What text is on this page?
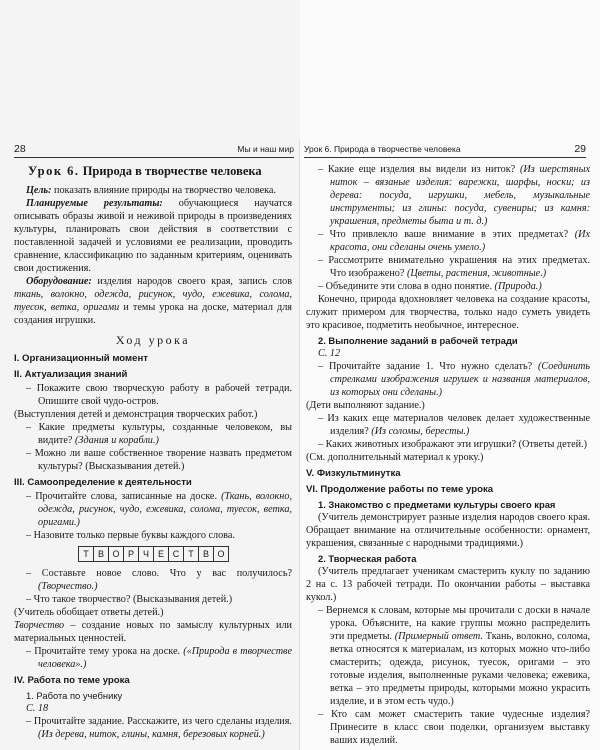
28	Мы и наш мир

Урок 6. Природа в творчестве человека

Цель: показать влияние природы на творчество человека.

Планируемые результаты: обучающиеся научатся описывать образы живой и неживой природы в произведениях культуры, планировать свои действия в соответствии с поставленной задачей и условиями ее реализации, проводить сравнение, классификацию по заданным критериям, оценивать свои достижения.

Оборудование: изделия народов своего края, запись слов ткань, волокно, одежда, рисунок, чудо, ежевика, солома, туесок, ветка, оригами и темы урока на доске, материал для создания игрушки.

Ход урока

I. Организационный момент

II. Актуализация знаний

– Покажите свою творческую работу в рабочей тетради. Опишите свой чудо-остров.

(Выступления детей и демонстрация творческих работ.)

– Какие предметы культуры, созданные человеком, вы видите? (Здания и корабли.)

– Можно ли ваше собственное творение назвать предметом культуры? (Высказывания детей.)

III. Самоопределение к деятельности

– Прочитайте слова, записанные на доске. (Ткань, волокно, одежда, рисунок, чудо, ежевика, солома, туесок, ветка, оригами.)

– Назовите только первые буквы каждого слова.

Т В О Р Ч Е С Т В О

– Составьте новое слово. Что у вас получилось? (Творчество.)

– Что такое творчество? (Высказывания детей.)

(Учитель обобщает ответы детей.)

Творчество – создание новых по замыслу культурных или материальных ценностей.

– Прочитайте тему урока на доске. («Природа в творчестве человека».)

IV. Работа по теме урока

1. Работа по учебнику

С. 18

– Прочитайте задание. Расскажите, из чего сделаны изделия. (Из дерева, ниток, глины, камня, березовых корней.)

Урок 6. Природа в творчестве человека	29

– Какие еще изделия вы видели из ниток? (Из шерстяных ниток – вязаные изделия: варежки, шарфы, носки; из дерева: посуда, игрушки, мебель, музыкальные инструменты; из глины: посуда, сувениры; из камня: украшения, предметы быта и т. д.)

– Что привлекло ваше внимание в этих предметах? (Их красота, они сделаны очень умело.)

– Рассмотрите внимательно украшения на этих предметах. Что изображено? (Цветы, растения, животные.)

– Объедините эти слова в одно понятие. (Природа.)

Конечно, природа вдохновляет человека на создание красоты, служит примером для творчества, только надо суметь увидеть это красивое, подметить необычное, интересное.

2. Выполнение заданий в рабочей тетради

С. 12

– Прочитайте задание 1. Что нужно сделать? (Соединить стрелками изображения игрушек и названия материалов, из которых они сделаны.)

(Дети выполняют задание.)

– Из каких еще материалов человек делает художественные изделия? (Из соломы, бересты.)

– Каких животных изображают эти игрушки? (Ответы детей.)

(См. дополнительный материал к уроку.)

V. Физкультминутка

VI. Продолжение работы по теме урока

1. Знакомство с предметами культуры своего края

(Учитель демонстрирует разные изделия народов своего края. Обращает внимание на отличительные особенности: орнамент, украшения, связанные с народными традициями.)

2. Творческая работа

(Учитель предлагает ученикам смастерить куклу по заданию 2 на с. 13 рабочей тетради. По окончании работы – выставка кукол.)

– Вернемся к словам, которые мы прочитали с доски в начале урока. Объясните, на какие группы можно распределить эти предметы. (Примерный ответ. Ткань, волокно, солома, ветка относятся к материалам, из которых можно что-либо смастерить; одежда, рисунок, туесок, оригами – это готовые изделия, выполненные руками человека; ежевика, ветка – это предметы природы, которыми можно украсить изделие, и в этом есть чудо.)

– Кто сам может смастерить такие чудесные изделия? Принесите в класс свои поделки, организуем выставку ваших изделий.
